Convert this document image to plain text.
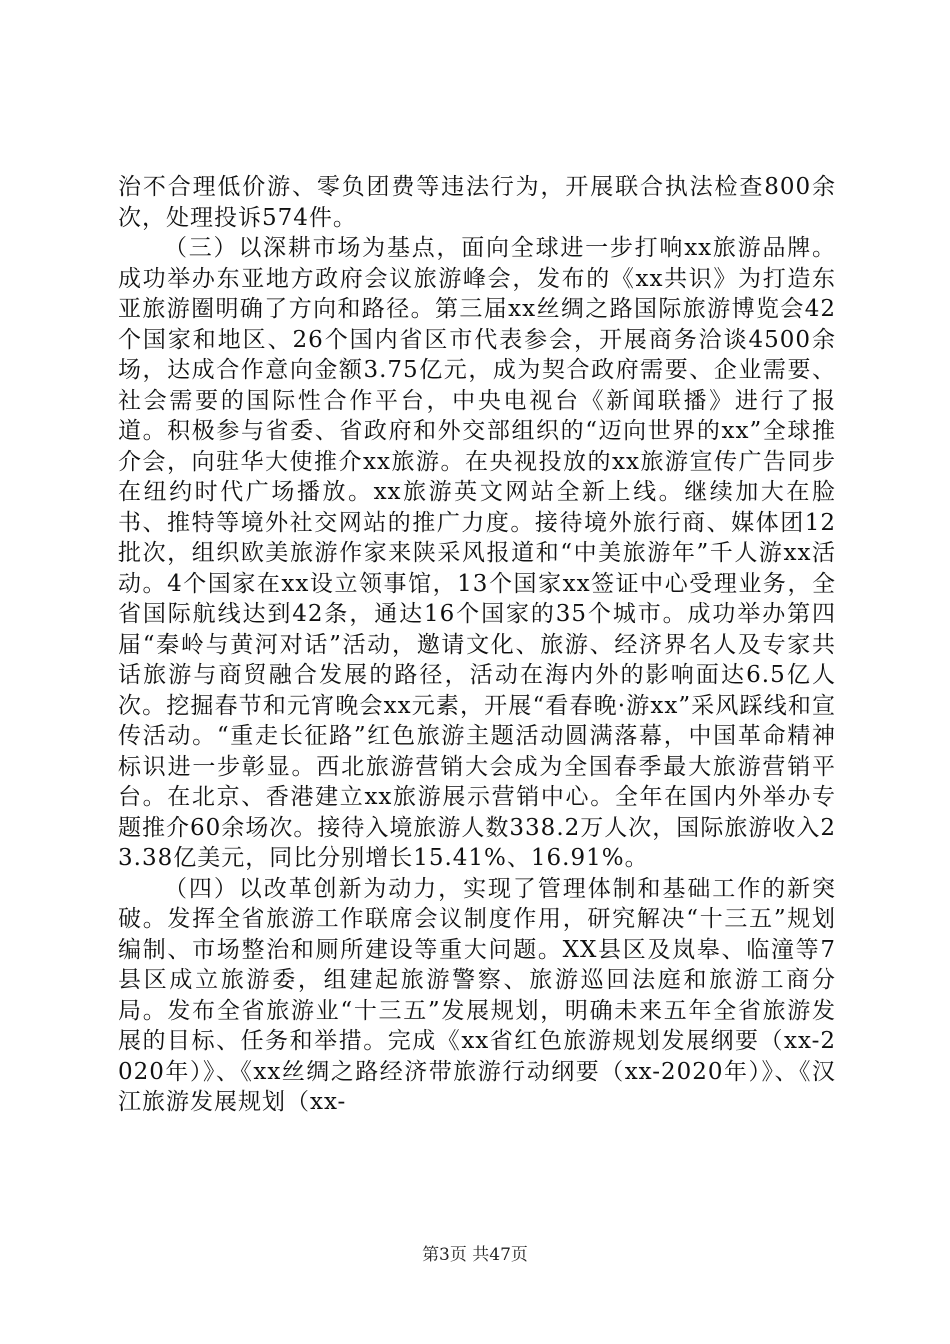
治不合理低价游、零负团费等违法行为，开展联合执法检查800余次，处理投诉574件。

（三）以深耕市场为基点，面向全球进一步打响xx旅游品牌。成功举办东亚地方政府会议旅游峰会，发布的《xx共识》为打造东亚旅游圈明确了方向和路径。第三届xx丝绸之路国际旅游博览会42个国家和地区、26个国内省区市代表参会，开展商务洽谈4500余场，达成合作意向金额3.75亿元，成为契合政府需要、企业需要、社会需要的国际性合作平台，中央电视台《新闻联播》进行了报道。积极参与省委、省政府和外交部组织的“迈向世界的xx”全球推介会，向驻华大使推介xx旅游。在央视投放的xx旅游宣传广告同步在纽约时代广场播放。xx旅游英文网站全新上线。继续加大在脸书、推特等境外社交网站的推广力度。接待境外旅行商、媒体团12批次，组织欧美旅游作家来陕采风报道和“中美旅游年”千人游xx活动。4个国家在xx设立领事馆，13个国家xx签证中心受理业务，全省国际航线达到42条，通达16个国家的35个城市。成功举办第四届“秦岭与黄河对话”活动，邀请文化、旅游、经济界名人及专家共话旅游与商贸融合发展的路径，活动在海内外的影响面达6.5亿人次。挖掘春节和元宵晚会xx元素，开展“看春晚·游xx”采风踩线和宣传活动。“重走长征路”红色旅游主题活动圆满落幕，中国革命精神标识进一步彰显。西北旅游营销大会成为全国春季最大旅游营销平台。在北京、香港建立xx旅游展示营销中心。全年在国内外举办专题推介60余场次。接待入境旅游人数338.2万人次，国际旅游收入23.38亿美元，同比分别增长15.41%、16.91%。

（四）以改革创新为动力，实现了管理体制和基础工作的新突破。发挥全省旅游工作联席会议制度作用，研究解决“十三五”规划编制、市场整治和厕所建设等重大问题。XX县区及岚皋、临潼等7县区成立旅游委，组建起旅游警察、旅游巡回法庭和旅游工商分局。发布全省旅游业“十三五”发展规划，明确未来五年全省旅游发展的目标、任务和举措。完成《xx省红色旅游规划发展纲要（xx-2020年）》、《xx丝绸之路经济带旅游行动纲要（xx-2020年）》、《汉江旅游发展规划（xx-

第3页 共47页
